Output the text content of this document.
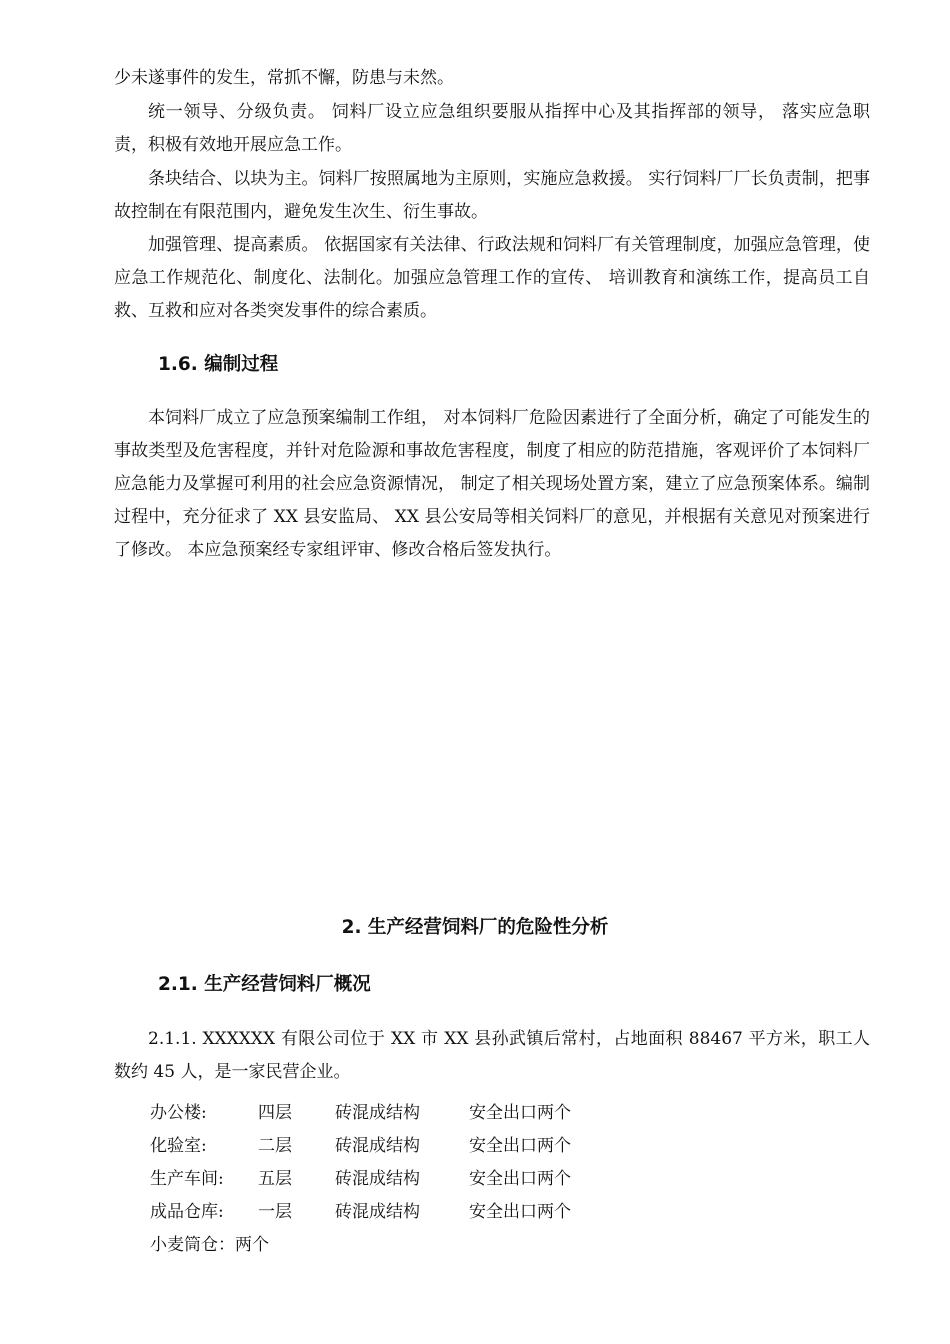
少未遂事件的发生，常抓不懈，防患与未然。

统一领导、分级负责。 饲料厂设立应急组织要服从指挥中心及其指挥部的领导， 落实应急职责，积极有效地开展应急工作。

条块结合、以块为主。饲料厂按照属地为主原则，实施应急救援。 实行饲料厂厂长负责制，把事故控制在有限范围内，避免发生次生、衍生事故。

加强管理、提高素质。 依据国家有关法律、行政法规和饲料厂有关管理制度，加强应急管理，使应急工作规范化、制度化、法制化。加强应急管理工作的宣传、 培训教育和演练工作，提高员工自救、互救和应对各类突发事件的综合素质。

1.6. 编制过程

本饲料厂成立了应急预案编制工作组， 对本饲料厂危险因素进行了全面分析，确定了可能发生的事故类型及危害程度，并针对危险源和事故危害程度，制度了相应的防范措施，客观评价了本饲料厂应急能力及掌握可利用的社会应急资源情况， 制定了相关现场处置方案，建立了应急预案体系。编制过程中，充分征求了 XX 县安监局、 XX 县公安局等相关饲料厂的意见，并根据有关意见对预案进行了修改。 本应急预案经专家组评审、修改合格后签发执行。

2. 生产经营饲料厂的危险性分析
2.1. 生产经营饲料厂概况

2.1.1. XXXXXX 有限公司位于 XX 市 XX 县孙武镇后常村，占地面积 88467 平方米，职工人数约 45 人，是一家民营企业。

办公楼:	四层	砖混成结构	安全出口两个
化验室:	二层	砖混成结构	安全出口两个
生产车间: 五层	砖混成结构	安全出口两个
成品仓库: 一层	砖混成结构	安全出口两个
小麦筒仓：两个
